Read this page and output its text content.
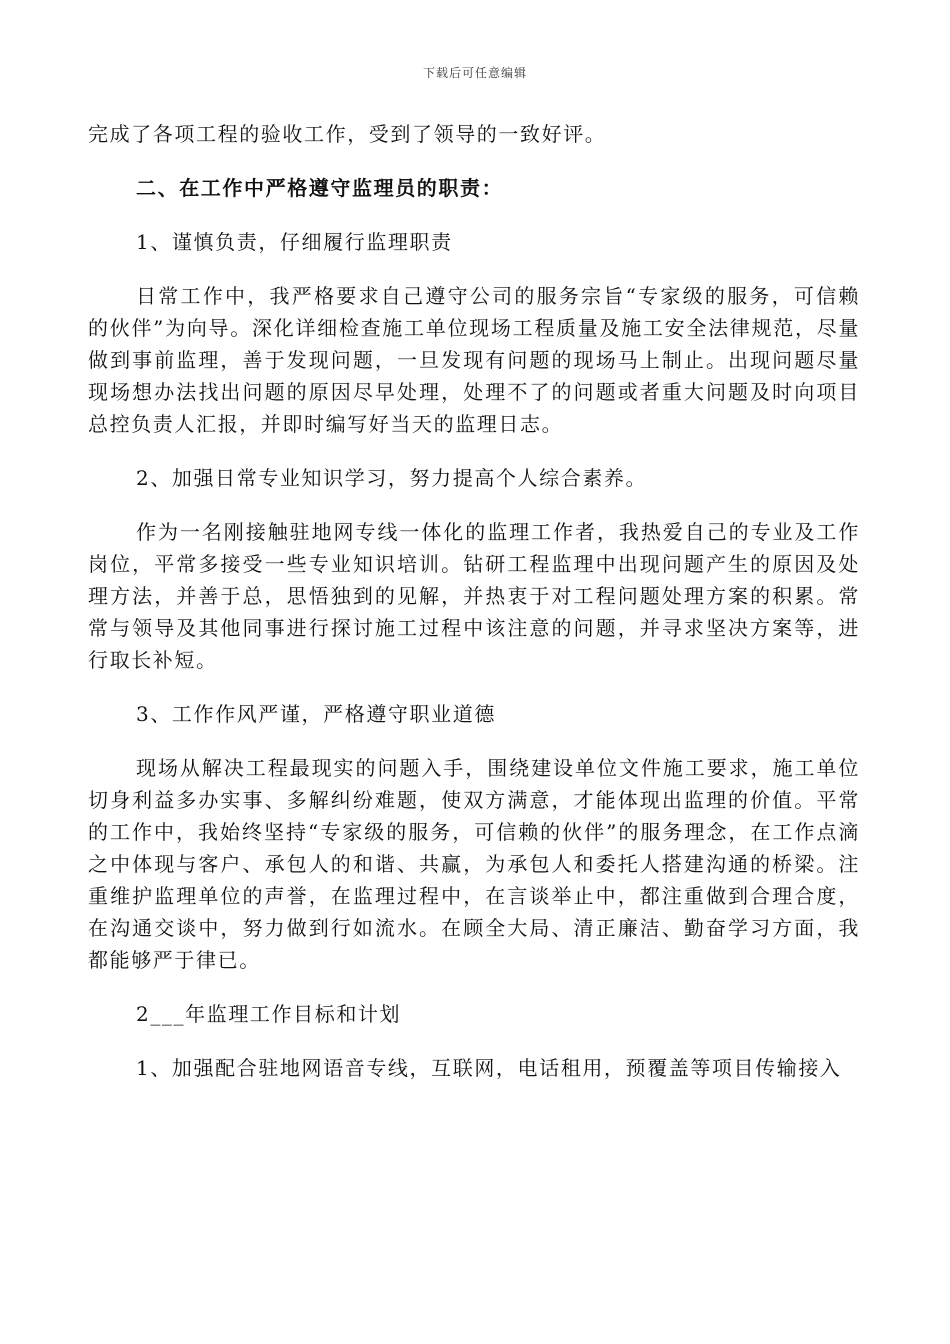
下载后可任意编辑

完成了各项工程的验收工作，受到了领导的一致好评。

二、在工作中严格遵守监理员的职责：

1、谨慎负责，仔细履行监理职责

日常工作中，我严格要求自己遵守公司的服务宗旨“专家级的服务，可信赖的伙伴”为向导。深化详细检查施工单位现场工程质量及施工安全法律规范，尽量做到事前监理，善于发现问题，一旦发现有问题的现场马上制止。出现问题尽量现场想办法找出问题的原因尽早处理，处理不了的问题或者重大问题及时向项目总控负责人汇报，并即时编写好当天的监理日志。

2、加强日常专业知识学习，努力提高个人综合素养。

作为一名刚接触驻地网专线一体化的监理工作者，我热爱自己的专业及工作岗位，平常多接受一些专业知识培训。钻研工程监理中出现问题产生的原因及处理方法，并善于总，思悟独到的见解，并热衷于对工程问题处理方案的积累。常常与领导及其他同事进行探讨施工过程中该注意的问题，并寻求坚决方案等，进行取长补短。

3、工作作风严谨，严格遵守职业道德

现场从解决工程最现实的问题入手，围绕建设单位文件施工要求，施工单位切身利益多办实事、多解纠纷难题，使双方满意，才能体现出监理的价值。平常的工作中，我始终坚持“专家级的服务，可信赖的伙伴”的服务理念，在工作点滴之中体现与客户、承包人的和谐、共赢，为承包人和委托人搭建沟通的桥梁。注重维护监理单位的声誉，在监理过程中，在言谈举止中，都注重做到合理合度，在沟通交谈中，努力做到行如流水。在顾全大局、清正廉洁、勤奋学习方面，我都能够严于律已。

2___年监理工作目标和计划

1、加强配合驻地网语音专线，互联网，电话租用，预覆盖等项目传输接入
